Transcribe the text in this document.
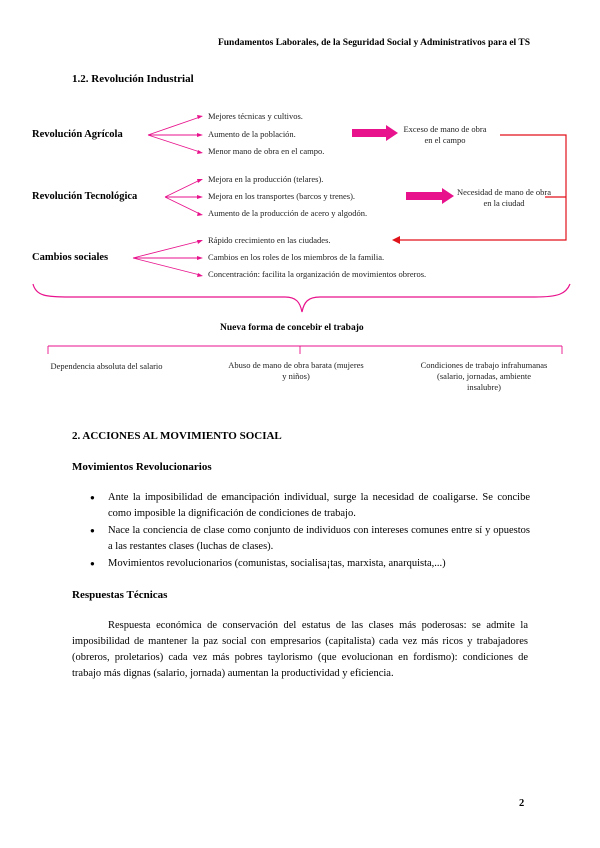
Fundamentos Laborales, de la Seguridad Social y Administrativos para el TS
1.2. Revolución Industrial
Revolución Agrícola
Revolución Tecnológica
Cambios sociales
Mejores técnicas y cultivos.
Aumento de la población.
Menor mano de obra en el campo.
Mejora en la producción (telares).
Mejora en los transportes (barcos y trenes).
Aumento de la producción de acero y algodón.
Rápido crecimiento en las ciudades.
Cambios en los roles de los miembros de la familia.
Concentración: facilita la organización de movimientos obreros.
Exceso de mano de obra en el campo
Necesidad de mano de obra en la ciudad
Nueva forma de concebir el trabajo
Dependencia absoluta del salario	Abuso de mano de obra barata (mujeres y niños)
Condiciones de trabajo infrahumanas (salario, jornadas, ambiente insalubre)
2. ACCIONES AL MOVIMIENTO SOCIAL
Movimientos Revolucionarios
● Ante la imposibilidad de emancipación individual, surge la necesidad de coaligarse. Se concibe como imposible la dignificación de condiciones de trabajo.
● Nace la conciencia de clase como conjunto de individuos con intereses comunes entre sí y opuestos a las restantes clases (luchas de clases).
● Movimientos revolucionarios (comunistas, socialisa¡tas, marxista, anarquista,...)
Respuestas Técnicas
Respuesta económica de conservación del estatus de las clases más poderosas: se admite la imposibilidad de mantener la paz social con empresarios (capitalista) cada vez más ricos y trabajadores (obreros, proletarios) cada vez más pobres taylorismo (que evolucionan en fordismo): condiciones de trabajo más dignas (salario, jornada) aumentan la productividad y eficiencia.
2
